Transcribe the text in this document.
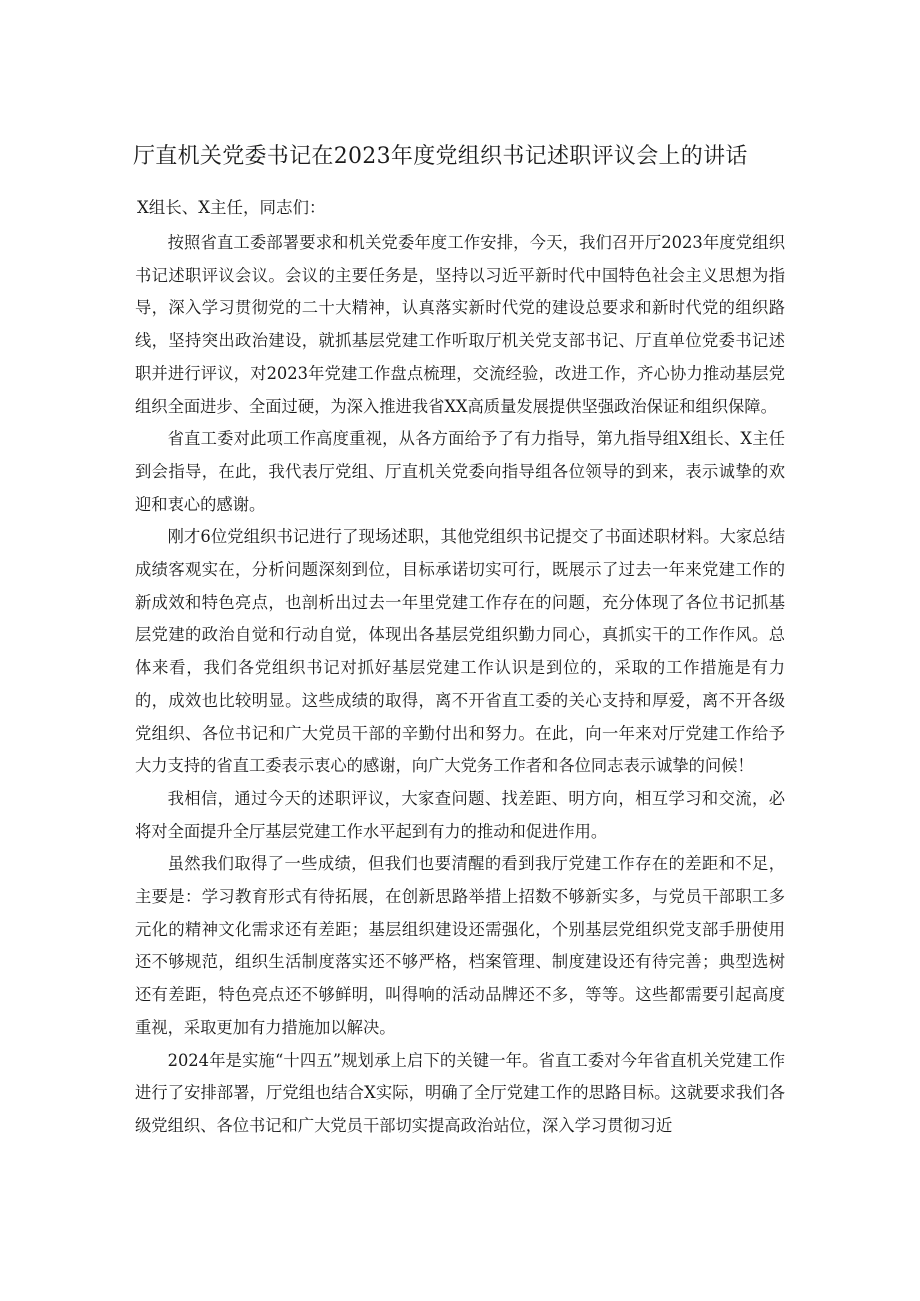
厅直机关党委书记在2023年度党组织书记述职评议会上的讲话
X组长、X主任，同志们：

按照省直工委部署要求和机关党委年度工作安排，今天，我们召开厅2023年度党组织书记述职评议会议。会议的主要任务是，坚持以习近平新时代中国特色社会主义思想为指导，深入学习贯彻党的二十大精神，认真落实新时代党的建设总要求和新时代党的组织路线，坚持突出政治建设，就抓基层党建工作听取厅机关党支部书记、厅直单位党委书记述职并进行评议，对2023年党建工作盘点梳理，交流经验，改进工作，齐心协力推动基层党组织全面进步、全面过硬，为深入推进我省XX高质量发展提供坚强政治保证和组织保障。

省直工委对此项工作高度重视，从各方面给予了有力指导，第九指导组X组长、X主任到会指导，在此，我代表厅党组、厅直机关党委向指导组各位领导的到来，表示诚挚的欢迎和衷心的感谢。

刚才6位党组织书记进行了现场述职，其他党组织书记提交了书面述职材料。大家总结成绩客观实在，分析问题深刻到位，目标承诺切实可行，既展示了过去一年来党建工作的新成效和特色亮点，也剖析出过去一年里党建工作存在的问题，充分体现了各位书记抓基层党建的政治自觉和行动自觉，体现出各基层党组织勤力同心，真抓实干的工作作风。总体来看，我们各党组织书记对抓好基层党建工作认识是到位的，采取的工作措施是有力的，成效也比较明显。这些成绩的取得，离不开省直工委的关心支持和厚爱，离不开各级党组织、各位书记和广大党员干部的辛勤付出和努力。在此，向一年来对厅党建工作给予大力支持的省直工委表示衷心的感谢，向广大党务工作者和各位同志表示诚挚的问候！

我相信，通过今天的述职评议，大家查问题、找差距、明方向，相互学习和交流，必将对全面提升全厅基层党建工作水平起到有力的推动和促进作用。

虽然我们取得了一些成绩，但我们也要清醒的看到我厅党建工作存在的差距和不足，主要是：学习教育形式有待拓展，在创新思路举措上招数不够新实多，与党员干部职工多元化的精神文化需求还有差距；基层组织建设还需强化，个别基层党组织党支部手册使用还不够规范，组织生活制度落实还不够严格，档案管理、制度建设还有待完善；典型选树还有差距，特色亮点还不够鲜明，叫得响的活动品牌还不多，等等。这些都需要引起高度重视，采取更加有力措施加以解决。

2024年是实施“十四五”规划承上启下的关键一年。省直工委对今年省直机关党建工作进行了安排部署，厅党组也结合X实际，明确了全厅党建工作的思路目标。这就要求我们各级党组织、各位书记和广大党员干部切实提高政治站位，深入学习贯彻习近
